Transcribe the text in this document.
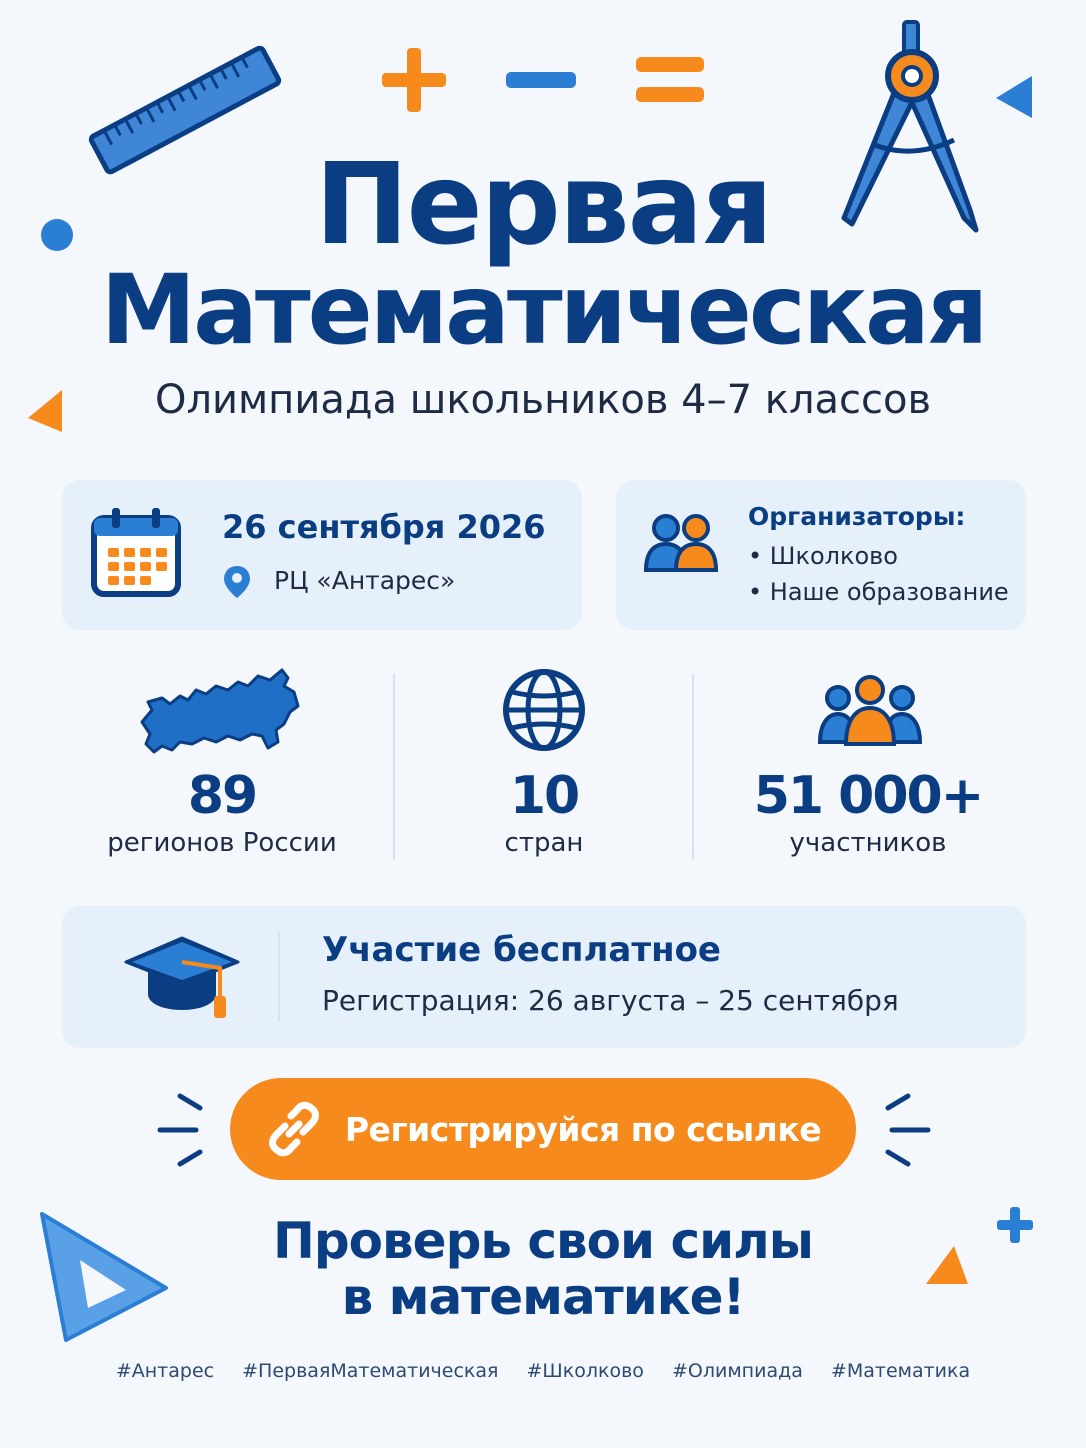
Первая
Математическая
Олимпиада школьников 4–7 классов
26 сентября 2026
РЦ «Антарес»
Организаторы:
• Школково
• Наше образование
89
регионов России
10
стран
51 000+
участников
Участие бесплатное
Регистрация: 26 августа – 25 сентября
Регистрируйся по ссылке
Проверь свои силы
в математике!
#Антарес #ПерваяМатематическая #Школково #Олимпиада #Математика
